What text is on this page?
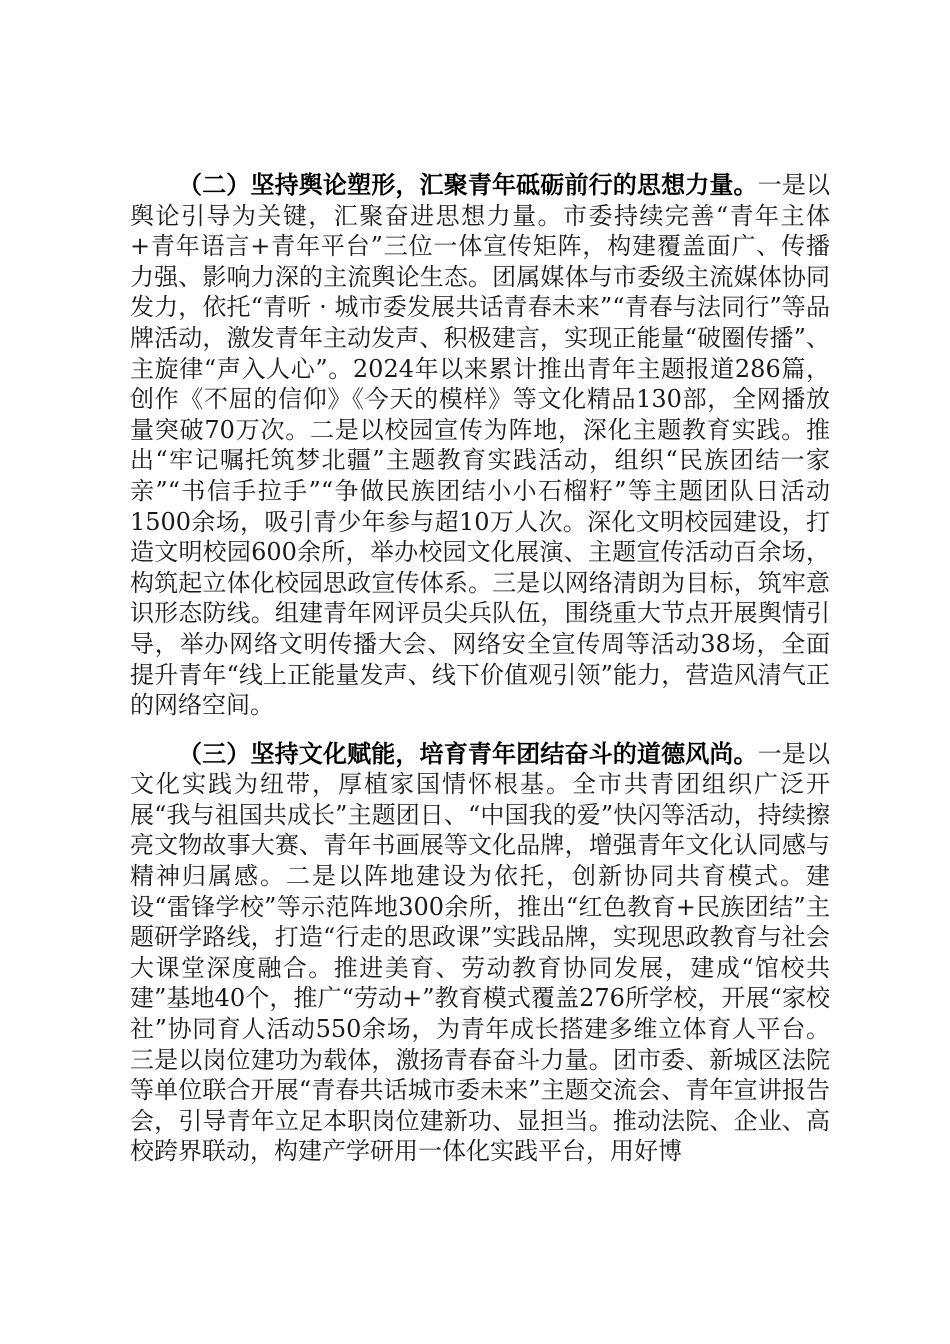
（二）坚持舆论塑形，汇聚青年砥砺前行的思想力量。一是以舆论引导为关键，汇聚奋进思想力量。市委持续完善“青年主体+青年语言+青年平台”三位一体宣传矩阵，构建覆盖面广、传播力强、影响力深的主流舆论生态。团属媒体与市委级主流媒体协同发力，依托“青听 · 城市委发展共话青春未来”“青春与法同行”等品牌活动，激发青年主动发声、积极建言，实现正能量“破圈传播”、主旋律“声入人心”。2024年以来累计推出青年主题报道286篇，创作《不屈的信仰》《今天的模样》等文化精品130部，全网播放量突破70万次。二是以校园宣传为阵地，深化主题教育实践。推出“牢记嘱托筑梦北疆”主题教育实践活动，组织“民族团结一家亲”“书信手拉手”“争做民族团结小小石榴籽”等主题团队日活动1500余场，吸引青少年参与超10万人次。深化文明校园建设，打造文明校园600余所，举办校园文化展演、主题宣传活动百余场，构筑起立体化校园思政宣传体系。三是以网络清朗为目标，筑牢意识形态防线。组建青年网评员尖兵队伍，围绕重大节点开展舆情引导，举办网络文明传播大会、网络安全宣传周等活动38场，全面提升青年“线上正能量发声、线下价值观引领”能力，营造风清气正的网络空间。

（三）坚持文化赋能，培育青年团结奋斗的道德风尚。一是以文化实践为纽带，厚植家国情怀根基。全市共青团组织广泛开展“我与祖国共成长”主题团日、“中国我的爱”快闪等活动，持续擦亮文物故事大赛、青年书画展等文化品牌，增强青年文化认同感与精神归属感。二是以阵地建设为依托，创新协同共育模式。建设“雷锋学校”等示范阵地300余所，推出“红色教育+民族团结”主题研学路线，打造“行走的思政课”实践品牌，实现思政教育与社会大课堂深度融合。推进美育、劳动教育协同发展，建成“馆校共建”基地40个，推广“劳动+”教育模式覆盖276所学校，开展“家校社”协同育人活动550余场，为青年成长搭建多维立体育人平台。三是以岗位建功为载体，激扬青春奋斗力量。团市委、新城区法院等单位联合开展“青春共话城市委未来”主题交流会、青年宣讲报告会，引导青年立足本职岗位建新功、显担当。推动法院、企业、高校跨界联动，构建产学研用一体化实践平台，用好博
